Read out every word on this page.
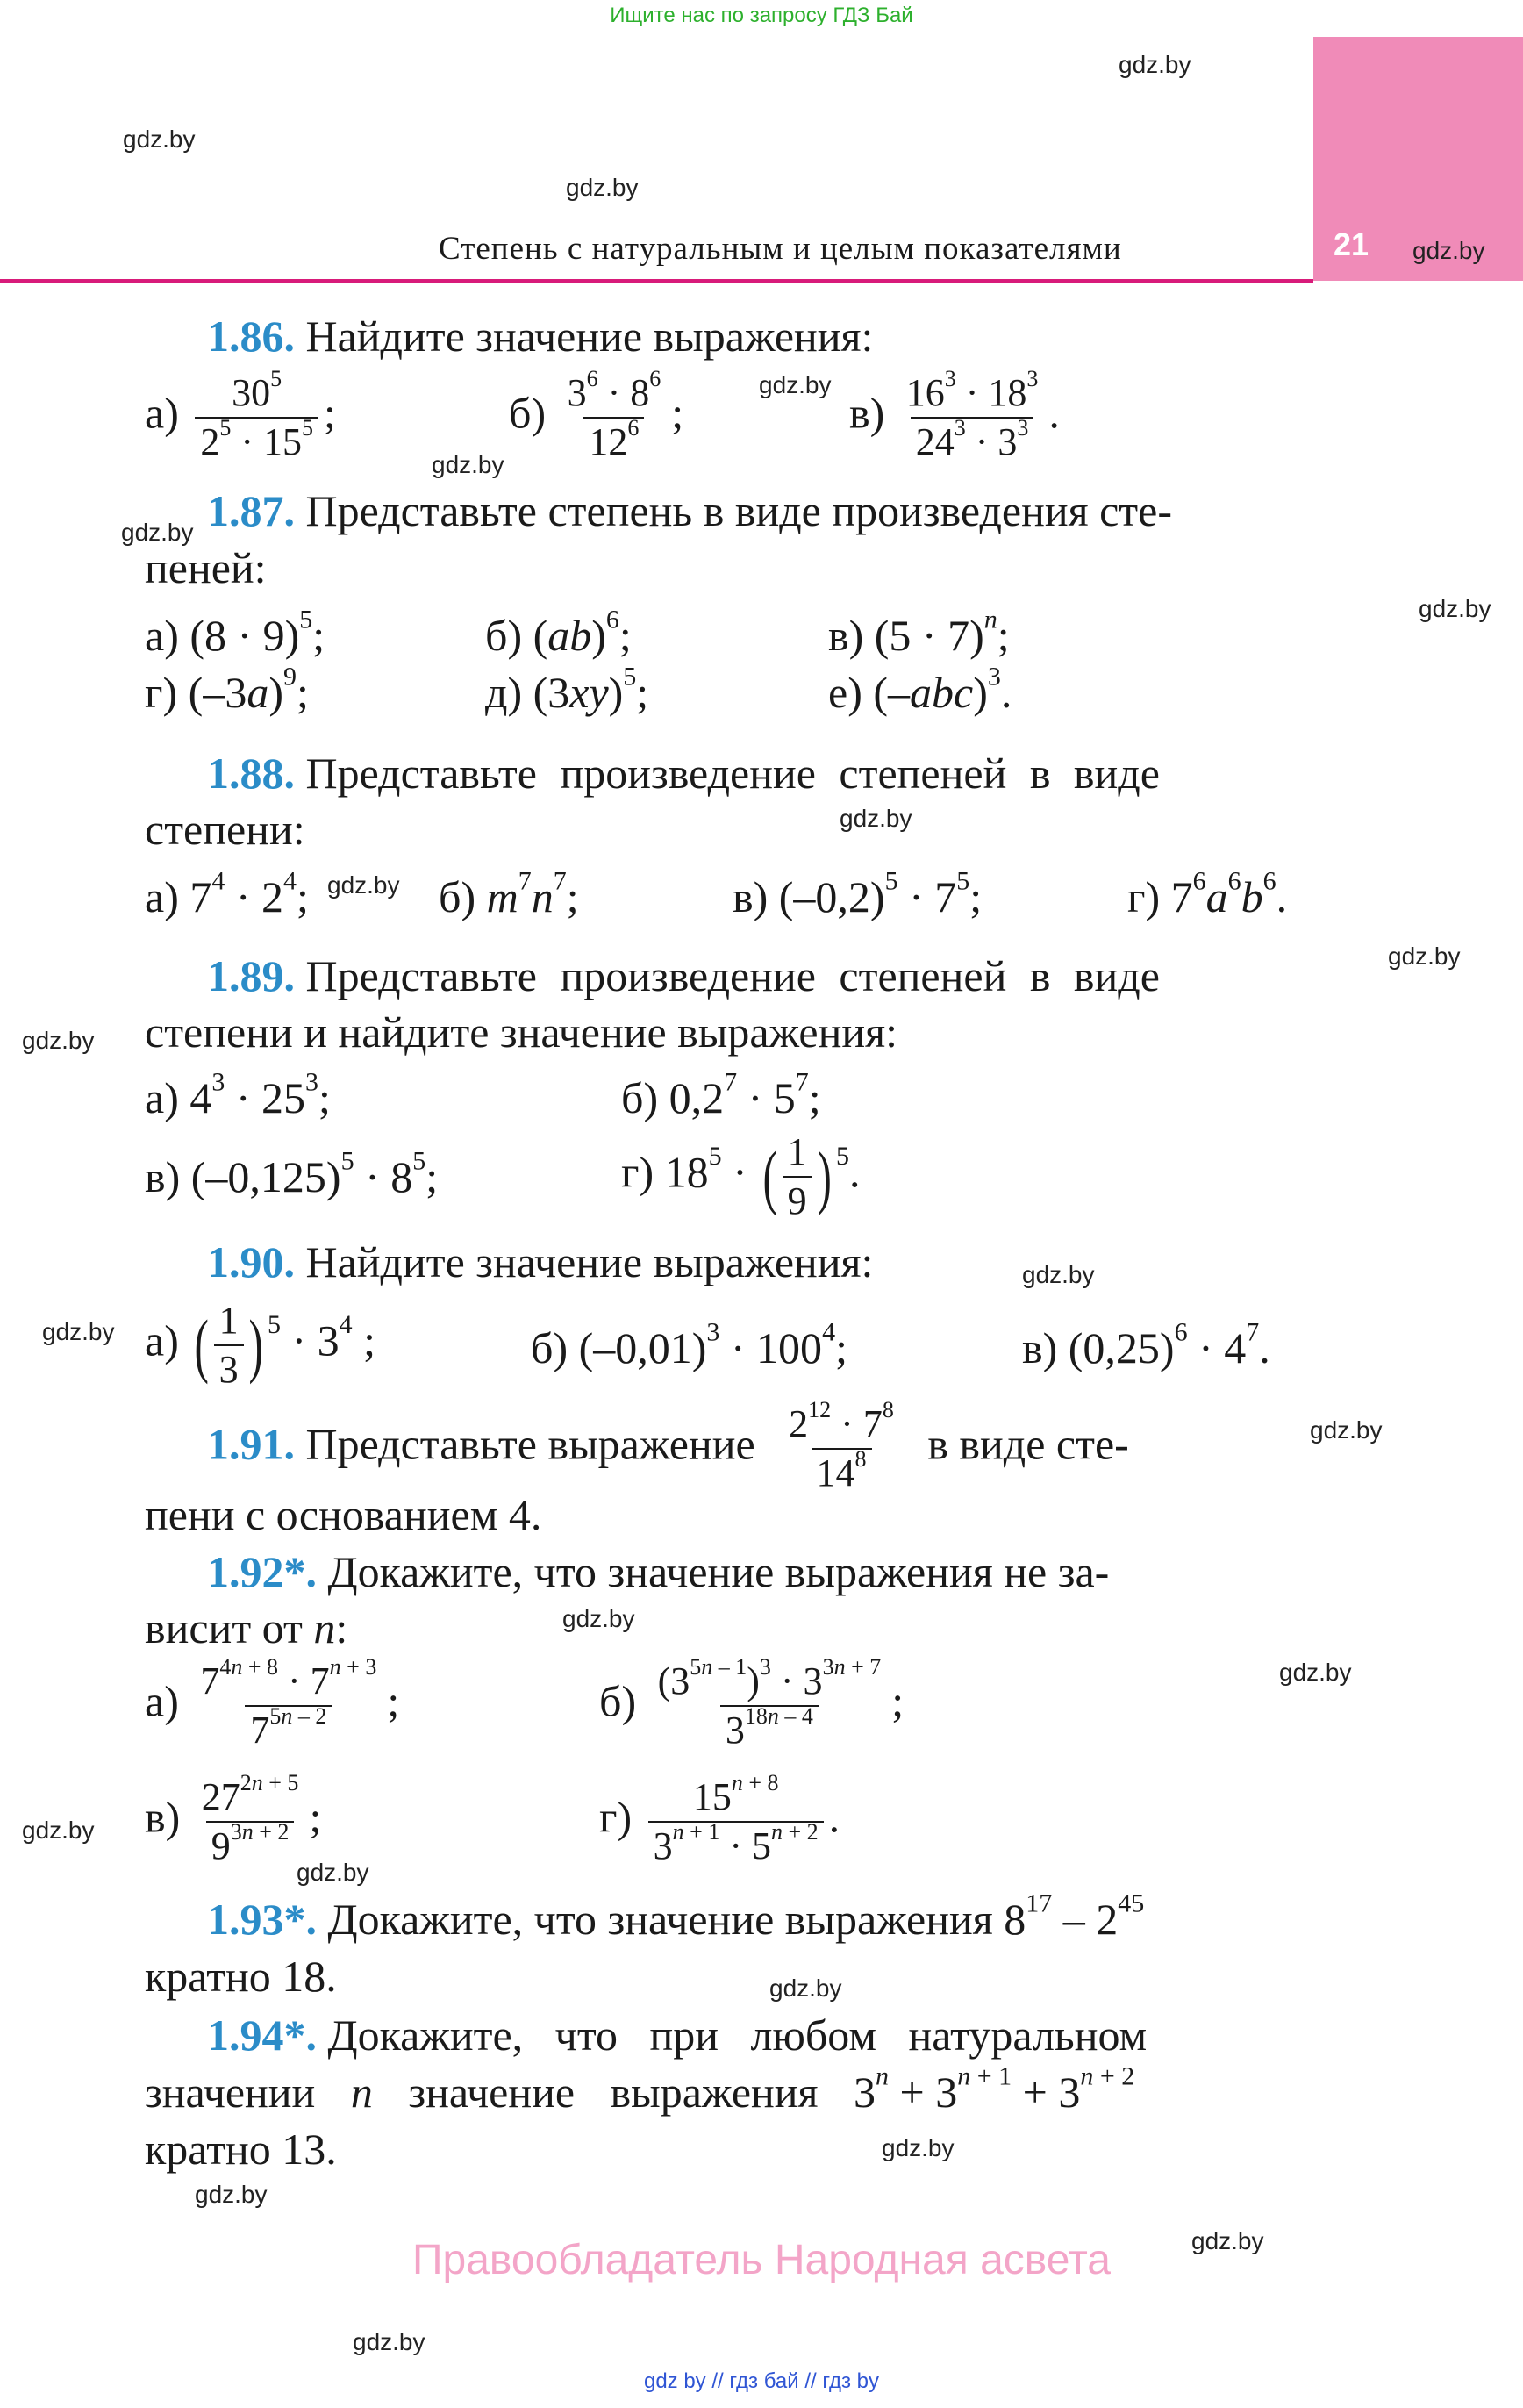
Ищите нас по запросу ГДЗ Бай
21
Степень с натуральным и целым показателями
gdz.by
gdz.by
gdz.by
gdz.by
gdz.by
gdz.by
gdz.by
gdz.by
gdz.by
gdz.by
gdz.by
gdz.by
gdz.by
gdz.by
gdz.by
gdz.by
gdz.by
gdz.by
gdz.by
gdz.by
gdz.by
gdz.by
gdz.by
gdz.by
1.86. Найдите значение выражения:
$а) \frac{30^5}{2^5 \cdot 15^5}$ ;	$б) \frac{3^6 \cdot 8^6}{12^6}$ ;	$в) \frac{16^3 \cdot 18^3}{24^3 \cdot 3^3}$ .
1.87. Представьте степень в виде произведения сте-
пеней:
а) $(8 \cdot 9)^5$;	б) (ab)$^6$;	в) $(5 \cdot 7)^n$;
г) $(-3a)^9$;	д) $(3xy)^5$;	е) $(-abc)^3$.
1.88. Представьте произведение степеней в виде
степени:
а) $7^4 \cdot 2^4$;	б) $m^7n^7$;	в) $(-0,2)^5 \cdot 7^5$;	г) $7^6a^6b^6$.
1.89. Представьте произведение степеней в виде
степени и найдите значение выражения:
а) $4^3 \cdot 25^3$;	б) $0,2^7 \cdot 5^7$;
в) $(-0,125)^5 \cdot 8^5$;	г) $18^5$ · ( $\frac{1}{9}$ ) $^5$.
1.90. Найдите значение выражения:
а) ( $\frac{1}{3}$ ) $^5 \cdot 3^4$ ;	б) $(-0,01)^3 \cdot 100^4$;	в) $(0,25)^6 \cdot 4^7$.
1.91. Представьте выражение $\frac{2^{12} \cdot 7^8}{14^8}$ в виде сте-
пени с основанием 4.
1.92*. Докажите, что значение выражения не за-
висит от n:
$а) \frac{7^{4n + 8} \cdot 7^{n + 3}}{7^{5n - 2}}$ ;	$б) \frac{(3^{5n - 1})^3 \cdot 3^{3n + 7}}{3^{18n - 4}}$ ;
$в) \frac{27^{2n + 5}}{9^{3n + 2}}$ ;	$г) \frac{15^{n + 8}}{3^{n + 1} \cdot 5^{n + 2}}$ .
1.93*. Докажите, что значение выражения $8^{17} - 2^{45}$
кратно 18.
1.94*. Докажите, что при любом натуральном
значении n значение выражения $3^n + 3^{n + 1} + 3^{n + 2}$
кратно 13.
Правообладатель Народная асвета
gdz by // гдз бай // гдз by
